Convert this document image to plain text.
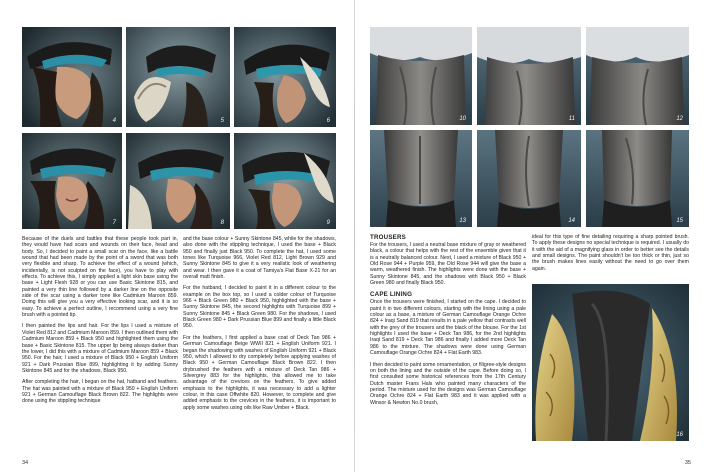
4	5	6
7	8	9

Because of the duels and battles that these people took part in, they would have had scars and wounds on their face, head and body. So, I decided to paint a small scar on the face, like a battle wound that had been made by the point of a sword that was both very flexible and sharp. To achieve the effect of a wound (which, incidentally, is not sculpted on the face), you have to play with effects. To achieve this, I simply applied a light skin base using the base + Light Flesh 928 or you can use Basic Skintone 815, and painted a very thin line followed by a darker line on the opposite side of the scar using a darker tone like Cadmium Maroon 859. Doing this will give you a very effective looking scar, and it is so easy. To achieve a perfect outline, I recommend using a very fine brush with a pointed tip.

I then painted the lips and hair. For the lips I used a mixture of Violet Red 812 and Cadmium Maroon 859. I then outlined them with Cadmium Maroon 859 + Black 950 and highlighted them using the base + Basic Skintone 815. The upper lip being always darker than the lower, I did this with a mixture of Cadmium Maroon 859 + Black 950. For the hair, I used a mixture of Black 950 + English Uniform 921 + Dark Prussian Blue 899, highlighting it by adding Sunny Skintone 845 and for the shadows, Black 950.

After completing the hair, I began on the hat, hatband and feathers. The hat was painted with a mixture of Black 950 + English Uniform 921 + German Camouflage Black Brown 822. The highlights were done using the stippling technique

and the base colour + Sunny Skintone 845, while for the shadows, also done with the stippling technique, I used the base + Black 950 and finally just Black 950. To complete the hat, I used some tones like Turquoise 966, Violet Red 812, Light Brown 929 and Sunny Skintone 845 to give it a very realistic look of weathering and wear. I then gave it a coat of Tamiya's Flat Base X-21 for an overall matt finish.

For the hatband, I decided to paint it in a different colour to the example on the box top, so I used a colder colour of Turquoise 966 + Black Green 980 + Black 950, highlighted with the base + Sunny Skintone 845, the second highlights with Turquoise 899 + Sunny Skintone 845 + Black Green 980. For the shadows, I used Black Green 980 + Dark Prussian Blue 899 and finally a little Black 950.

For the feathers, I first applied a base coat of Deck Tan 986 + German Camouflage Beige WWII 821 + English Uniform 921. I began the shadowing with washes of English Uniform 921 + Black 950, which I allowed to dry completely before applying washes of Black 950 + German Camouflage Black Brown 822. I then drybrushed the feathers with a mixture of Deck Tan 986 + Silvergrey 883 for the highlights, this allowed me to take advantage of the crevices on the feathers. To give added emphasis to the highlights, it was necessary to add a lighter colour, in this case Offwhite 820. However, to complete and give added emphasis to the crevices in the feathers, it is important to apply some washes using oils like Raw Umber + Black.

34
10	11	12
13	14	15
TROUSERS

For the trousers, I used a neutral base mixture of gray or weathered black, a colour that helps with the rest of the ensemble given that it is a neutrally balanced colour. Next, I used a mixture of Black 950 + Old Rose 944 + Purple 959, the Old Rose 944 will give the base a warm, weathered finish. The highlights were done with the base + Sunny Skintone 845, and the shadows with Black 950 + Black Green 980 and finally Black 950.

CAPE LINING

Once the trousers were finished, I started on the cape. I decided to paint it in two different colours, starting with the lining using a pale colour as a base, a mixture of German Camouflage Orange Ochre 824 + Iraqi Sand 819 that results in a pale yellow that contrasts well with the grey of the trousers and the black of the blouse. For the 1st highlights I used the base + Deck Tan 986, for the 2nd highlights Iraqi Sand 819 + Deck Tan 986 and finally I added more Deck Tan 986 to the mixture. The shadows were done using German Camouflage Orange Ochre 824 + Flat Earth 983.

I then decided to paint some ornamentation, or filigree-style designs on both the lining and the outside of the cape. Before doing so, I first consulted some historical references from the 17th Century Dutch master Frans Hals who painted many characters of the period. The mixture used for the designs was German Camouflage Orange Ochre 824 + Flat Earth 983 and it was applied with a Winsor & Newton No.0 brush,

ideal for this type of fine detailing requiring a sharp pointed brush. To apply these designs no special technique is required. I usually do it with the aid of a magnifying glass in order to better see the details and small designs. The paint shouldn't be too thick or thin, just so the brush makes lines easily without the need to go over them again.

16
35
